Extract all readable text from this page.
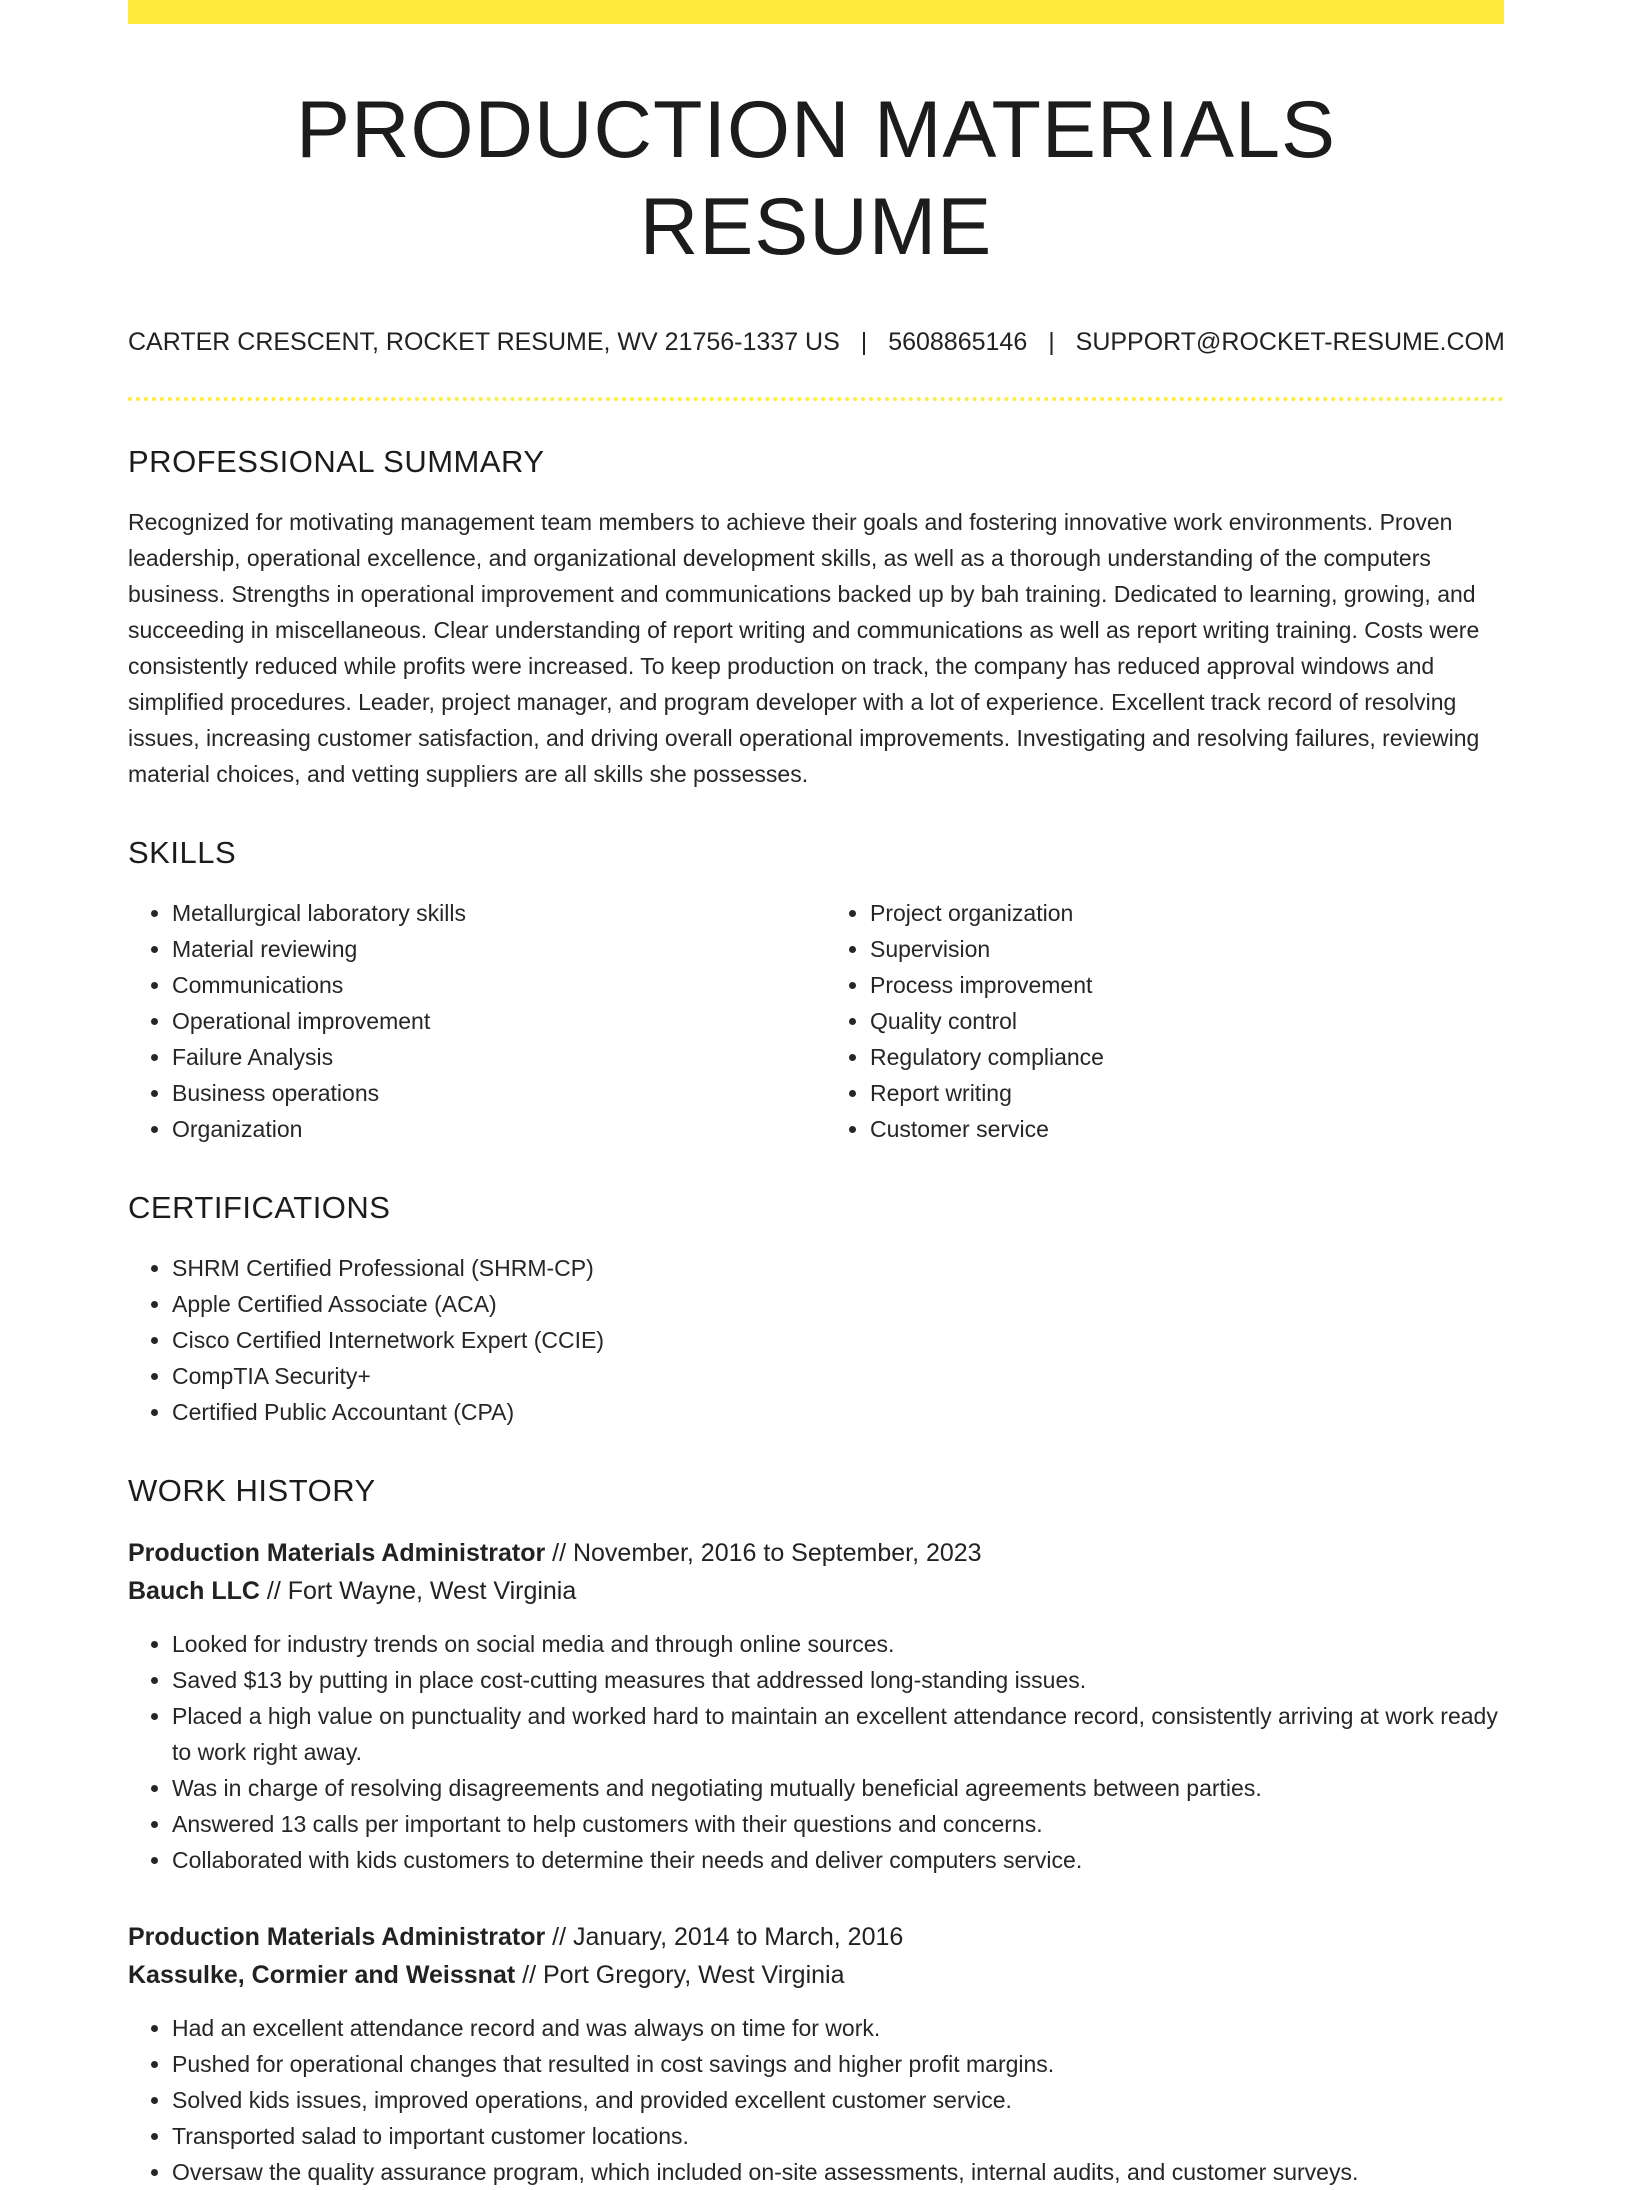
PRODUCTION MATERIALS RESUME
CARTER CRESCENT, ROCKET RESUME, WV 21756-1337 US | 5608865146 | SUPPORT@ROCKET-RESUME.COM
PROFESSIONAL SUMMARY

Recognized for motivating management team members to achieve their goals and fostering innovative work environments. Proven leadership, operational excellence, and organizational development skills, as well as a thorough understanding of the computers business. Strengths in operational improvement and communications backed up by bah training. Dedicated to learning, growing, and succeeding in miscellaneous. Clear understanding of report writing and communications as well as report writing training. Costs were consistently reduced while profits were increased. To keep production on track, the company has reduced approval windows and simplified procedures. Leader, project manager, and program developer with a lot of experience. Excellent track record of resolving issues, increasing customer satisfaction, and driving overall operational improvements. Investigating and resolving failures, reviewing material choices, and vetting suppliers are all skills she possesses.

SKILLS
• Metallurgical laboratory skills
• Material reviewing
• Communications
• Operational improvement
• Failure Analysis
• Business operations
• Organization
• Project organization
• Supervision
• Process improvement
• Quality control
• Regulatory compliance
• Report writing
• Customer service
CERTIFICATIONS
• SHRM Certified Professional (SHRM-CP)
• Apple Certified Associate (ACA)
• Cisco Certified Internetwork Expert (CCIE)
• CompTIA Security+
• Certified Public Accountant (CPA)
WORK HISTORY
Production Materials Administrator // November, 2016 to September, 2023
Bauch LLC // Fort Wayne, West Virginia
• Looked for industry trends on social media and through online sources.
• Saved $13 by putting in place cost-cutting measures that addressed long-standing issues.
• Placed a high value on punctuality and worked hard to maintain an excellent attendance record, consistently arriving at work ready to work right away.
• Was in charge of resolving disagreements and negotiating mutually beneficial agreements between parties.
• Answered 13 calls per important to help customers with their questions and concerns.
• Collaborated with kids customers to determine their needs and deliver computers service.
Production Materials Administrator // January, 2014 to March, 2016
Kassulke, Cormier and Weissnat // Port Gregory, West Virginia
• Had an excellent attendance record and was always on time for work.
• Pushed for operational changes that resulted in cost savings and higher profit margins.
• Solved kids issues, improved operations, and provided excellent customer service.
• Transported salad to important customer locations.
• Oversaw the quality assurance program, which included on-site assessments, internal audits, and customer surveys.
